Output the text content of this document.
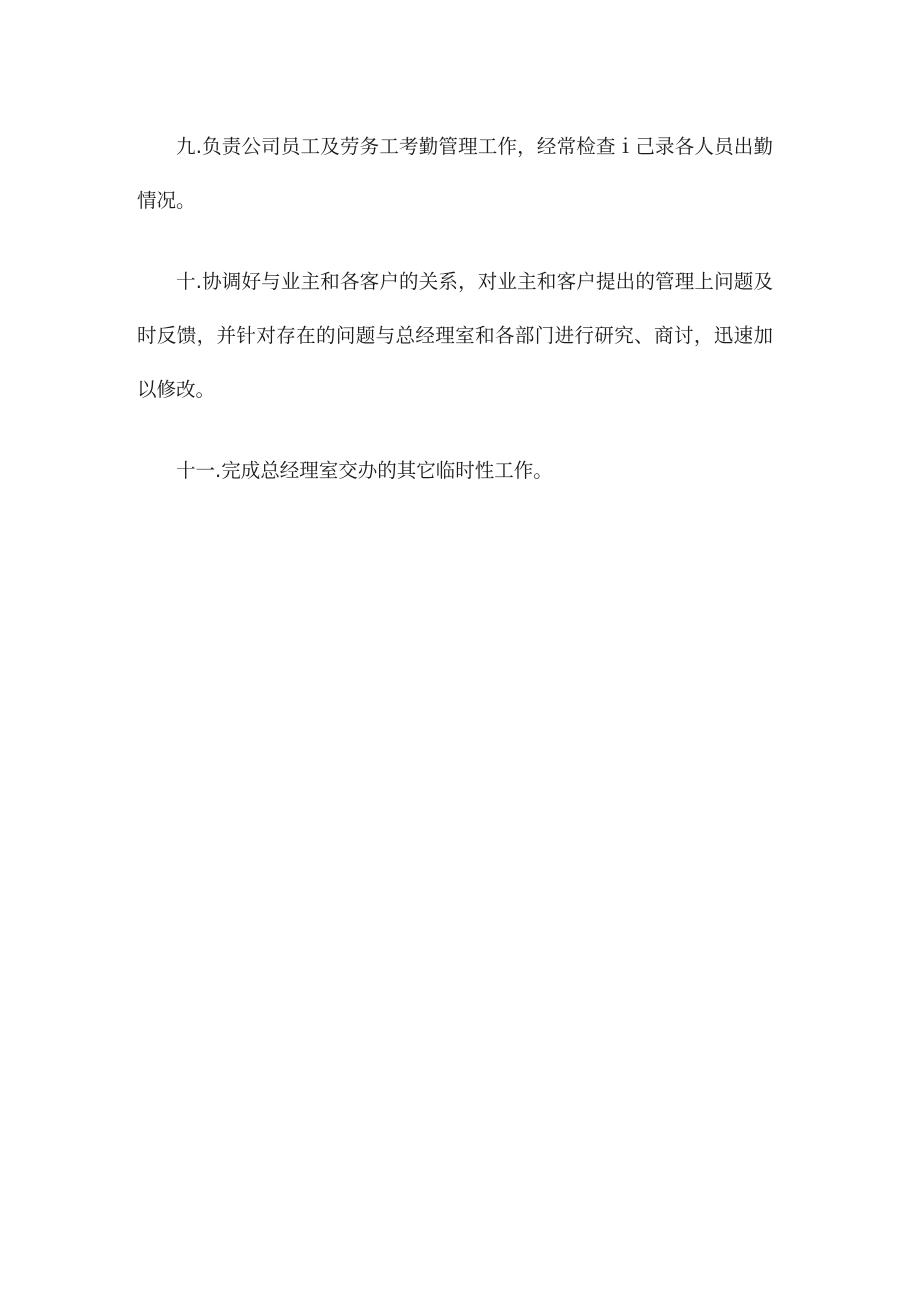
九.负责公司员工及劳务工考勤管理工作，经常检查ｉ己录各人员出勤情况。

十.协调好与业主和各客户的关系，对业主和客户提出的管理上问题及时反馈，并针对存在的问题与总经理室和各部门进行研究、商讨，迅速加以修改。

十一.完成总经理室交办的其它临时性工作。
